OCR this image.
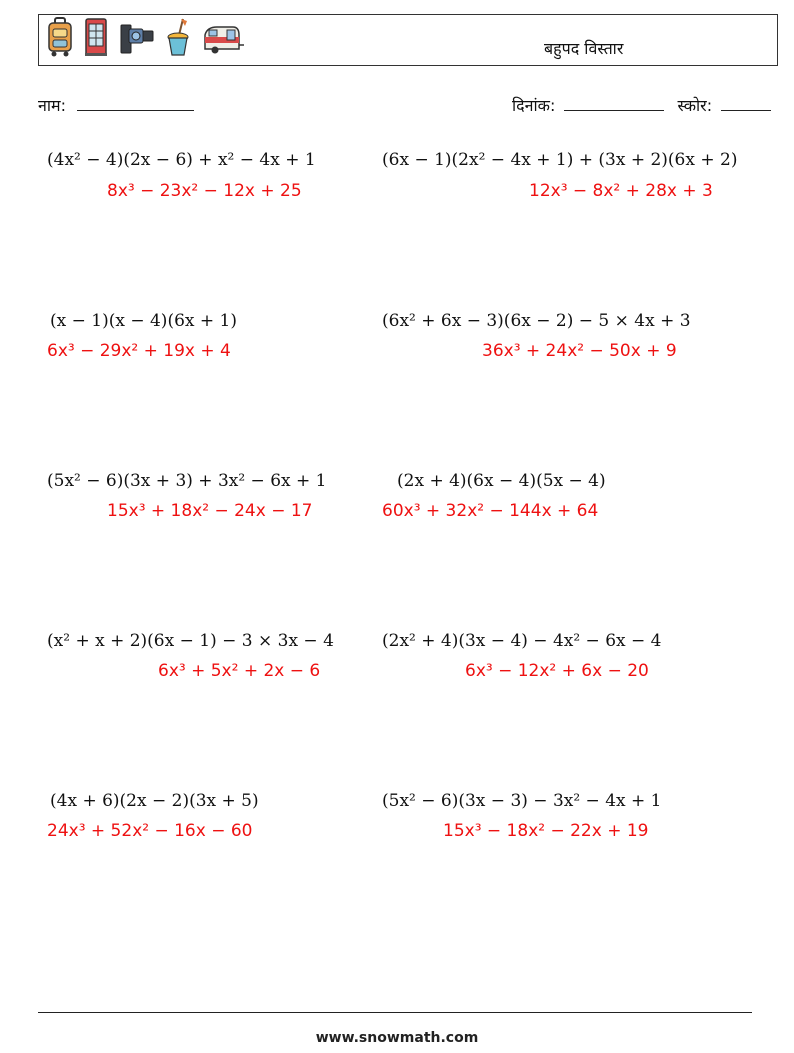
बहुपद विस्तार
नाम:	दिनांक:	स्कोर:
(4x² − 4)(2x − 6) + x² − 4x + 1
8x³ − 23x² − 12x + 25
(6x − 1)(2x² − 4x + 1) + (3x + 2)(6x + 2)
12x³ − 8x² + 28x + 3
(x − 1)(x − 4)(6x + 1)
6x³ − 29x² + 19x + 4
(6x² + 6x − 3)(6x − 2) − 5 × 4x + 3
36x³ + 24x² − 50x + 9
(5x² − 6)(3x + 3) + 3x² − 6x + 1
15x³ + 18x² − 24x − 17
(2x + 4)(6x − 4)(5x − 4)
60x³ + 32x² − 144x + 64
(x² + x + 2)(6x − 1) − 3 × 3x − 4
6x³ + 5x² + 2x − 6
(2x² + 4)(3x − 4) − 4x² − 6x − 4
6x³ − 12x² + 6x − 20
(4x + 6)(2x − 2)(3x + 5)
24x³ + 52x² − 16x − 60
(5x² − 6)(3x − 3) − 3x² − 4x + 1
15x³ − 18x² − 22x + 19
www.snowmath.com
